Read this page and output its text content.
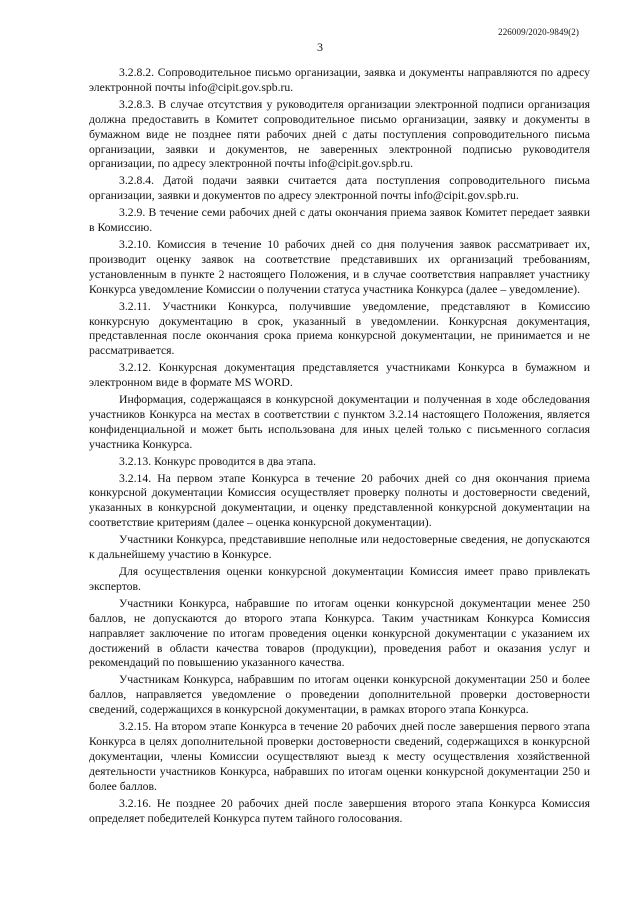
226009/2020-9849(2)
3

3.2.8.2. Сопроводительное письмо организации, заявка и документы направляются по адресу электронной почты info@cipit.gov.spb.ru.

3.2.8.3. В случае отсутствия у руководителя организации электронной подписи организация должна предоставить в Комитет сопроводительное письмо организации, заявку и документы в бумажном виде не позднее пяти рабочих дней с даты поступления сопроводительного письма организации, заявки и документов, не заверенных электронной подписью руководителя организации, по адресу электронной почты info@cipit.gov.spb.ru.

3.2.8.4. Датой подачи заявки считается дата поступления сопроводительного письма организации, заявки и документов по адресу электронной почты info@cipit.gov.spb.ru.

3.2.9. В течение семи рабочих дней с даты окончания приема заявок Комитет передает заявки в Комиссию.

3.2.10. Комиссия в течение 10 рабочих дней со дня получения заявок рассматривает их, производит оценку заявок на соответствие представивших их организаций требованиям, установленным в пункте 2 настоящего Положения, и в случае соответствия направляет участнику Конкурса уведомление Комиссии о получении статуса участника Конкурса (далее – уведомление).

3.2.11. Участники Конкурса, получившие уведомление, представляют в Комиссию конкурсную документацию в срок, указанный в уведомлении. Конкурсная документация, представленная после окончания срока приема конкурсной документации, не принимается и не рассматривается.

3.2.12. Конкурсная документация представляется участниками Конкурса в бумажном и электронном виде в формате MS WORD.

Информация, содержащаяся в конкурсной документации и полученная в ходе обследования участников Конкурса на местах в соответствии с пунктом 3.2.14 настоящего Положения, является конфиденциальной и может быть использована для иных целей только с письменного согласия участника Конкурса.

3.2.13. Конкурс проводится в два этапа.

3.2.14. На первом этапе Конкурса в течение 20 рабочих дней со дня окончания приема конкурсной документации Комиссия осуществляет проверку полноты и достоверности сведений, указанных в конкурсной документации, и оценку представленной конкурсной документации на соответствие критериям (далее – оценка конкурсной документации).

Участники Конкурса, представившие неполные или недостоверные сведения, не допускаются к дальнейшему участию в Конкурсе.

Для осуществления оценки конкурсной документации Комиссия имеет право привлекать экспертов.

Участники Конкурса, набравшие по итогам оценки конкурсной документации менее 250 баллов, не допускаются до второго этапа Конкурса. Таким участникам Конкурса Комиссия направляет заключение по итогам проведения оценки конкурсной документации с указанием их достижений в области качества товаров (продукции), проведения работ и оказания услуг и рекомендаций по повышению указанного качества.

Участникам Конкурса, набравшим по итогам оценки конкурсной документации 250 и более баллов, направляется уведомление о проведении дополнительной проверки достоверности сведений, содержащихся в конкурсной документации, в рамках второго этапа Конкурса.

3.2.15. На втором этапе Конкурса в течение 20 рабочих дней после завершения первого этапа Конкурса в целях дополнительной проверки достоверности сведений, содержащихся в конкурсной документации, члены Комиссии осуществляют выезд к месту осуществления хозяйственной деятельности участников Конкурса, набравших по итогам оценки конкурсной документации 250 и более баллов.

3.2.16. Не позднее 20 рабочих дней после завершения второго этапа Конкурса Комиссия определяет победителей Конкурса путем тайного голосования.
